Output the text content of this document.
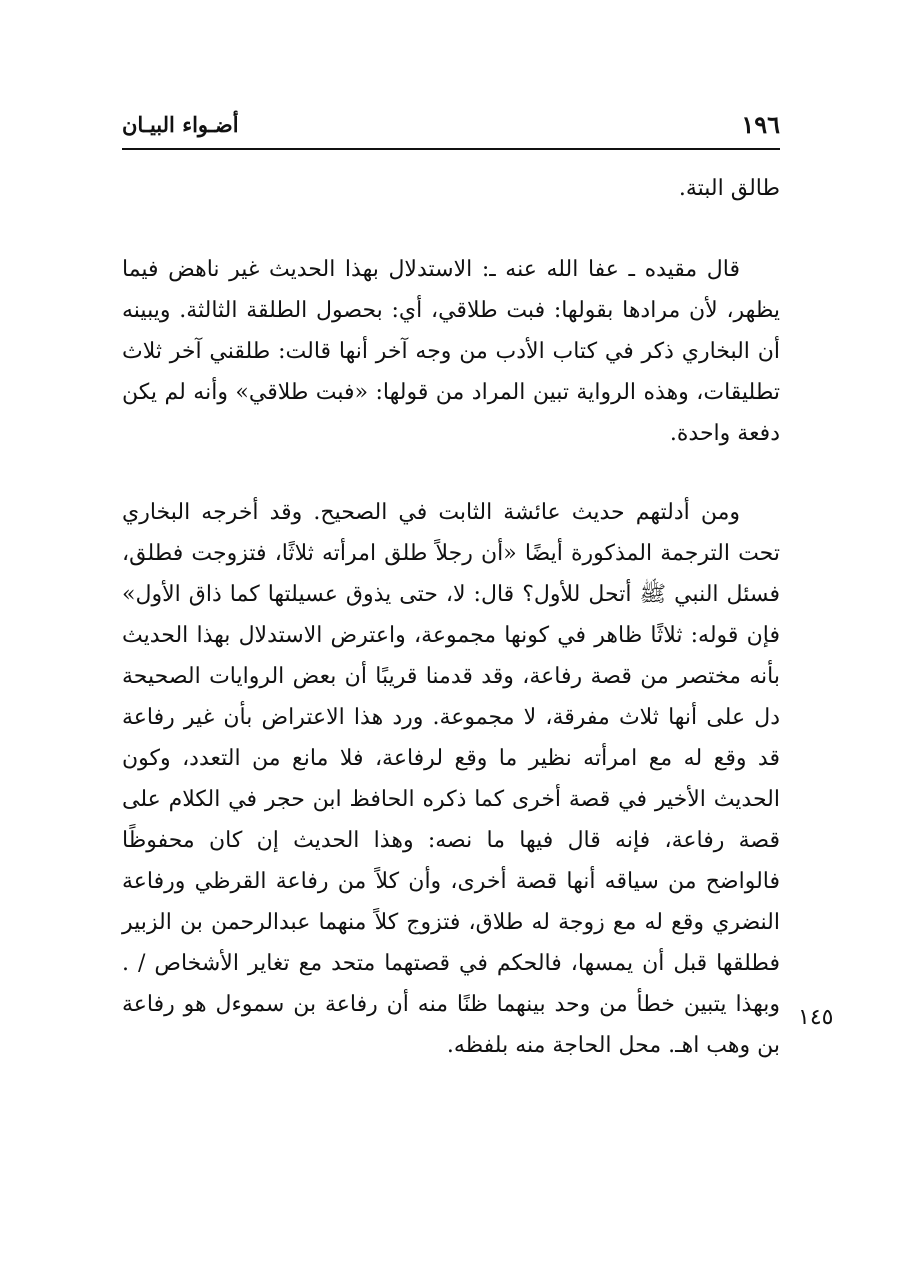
١٩٦
أضـواء البيـان

طالق البتة.

قال مقيده ـ عفا الله عنه ـ: الاستدلال بهذا الحديث غير ناهض فيما يظهر، لأن مرادها بقولها: فبت طلاقي، أي: بحصول الطلقة الثالثة. ويبينه أن البخاري ذكر في كتاب الأدب من وجه آخر أنها قالت: طلقني آخر ثلاث تطليقات، وهذه الرواية تبين المراد من قولها: «فبت طلاقي» وأنه لم يكن دفعة واحدة.

ومن أدلتهم حديث عائشة الثابت في الصحيح. وقد أخرجه البخاري تحت الترجمة المذكورة أيضًا «أن رجلاً طلق امرأته ثلاثًا، فتزوجت فطلق، فسئل النبي ﷺ أتحل للأول؟ قال: لا، حتى يذوق عسيلتها كما ذاق الأول» فإن قوله: ثلاثًا ظاهر في كونها مجموعة، واعترض الاستدلال بهذا الحديث بأنه مختصر من قصة رفاعة، وقد قدمنا قريبًا أن بعض الروايات الصحيحة دل على أنها ثلاث مفرقة، لا مجموعة. ورد هذا الاعتراض بأن غير رفاعة قد وقع له مع امرأته نظير ما وقع لرفاعة، فلا مانع من التعدد، وكون الحديث الأخير في قصة أخرى كما ذكره الحافظ ابن حجر في الكلام على قصة رفاعة، فإنه قال فيها ما نصه: وهذا الحديث إن كان محفوظًا فالواضح من سياقه أنها قصة أخرى، وأن كلاً من رفاعة القرظي ورفاعة النضري وقع له مع زوجة له طلاق، فتزوج كلاً منهما عبدالرحمن بن الزبير فطلقها قبل أن يمسها، فالحكم في قصتهما متحد مع تغاير الأشخاص / . وبهذا يتبين خطأ من وحد بينهما ظنًا منه أن رفاعة بن سموءل هو رفاعة بن وهب اهـ. محل الحاجة منه بلفظه.

١٤٥
